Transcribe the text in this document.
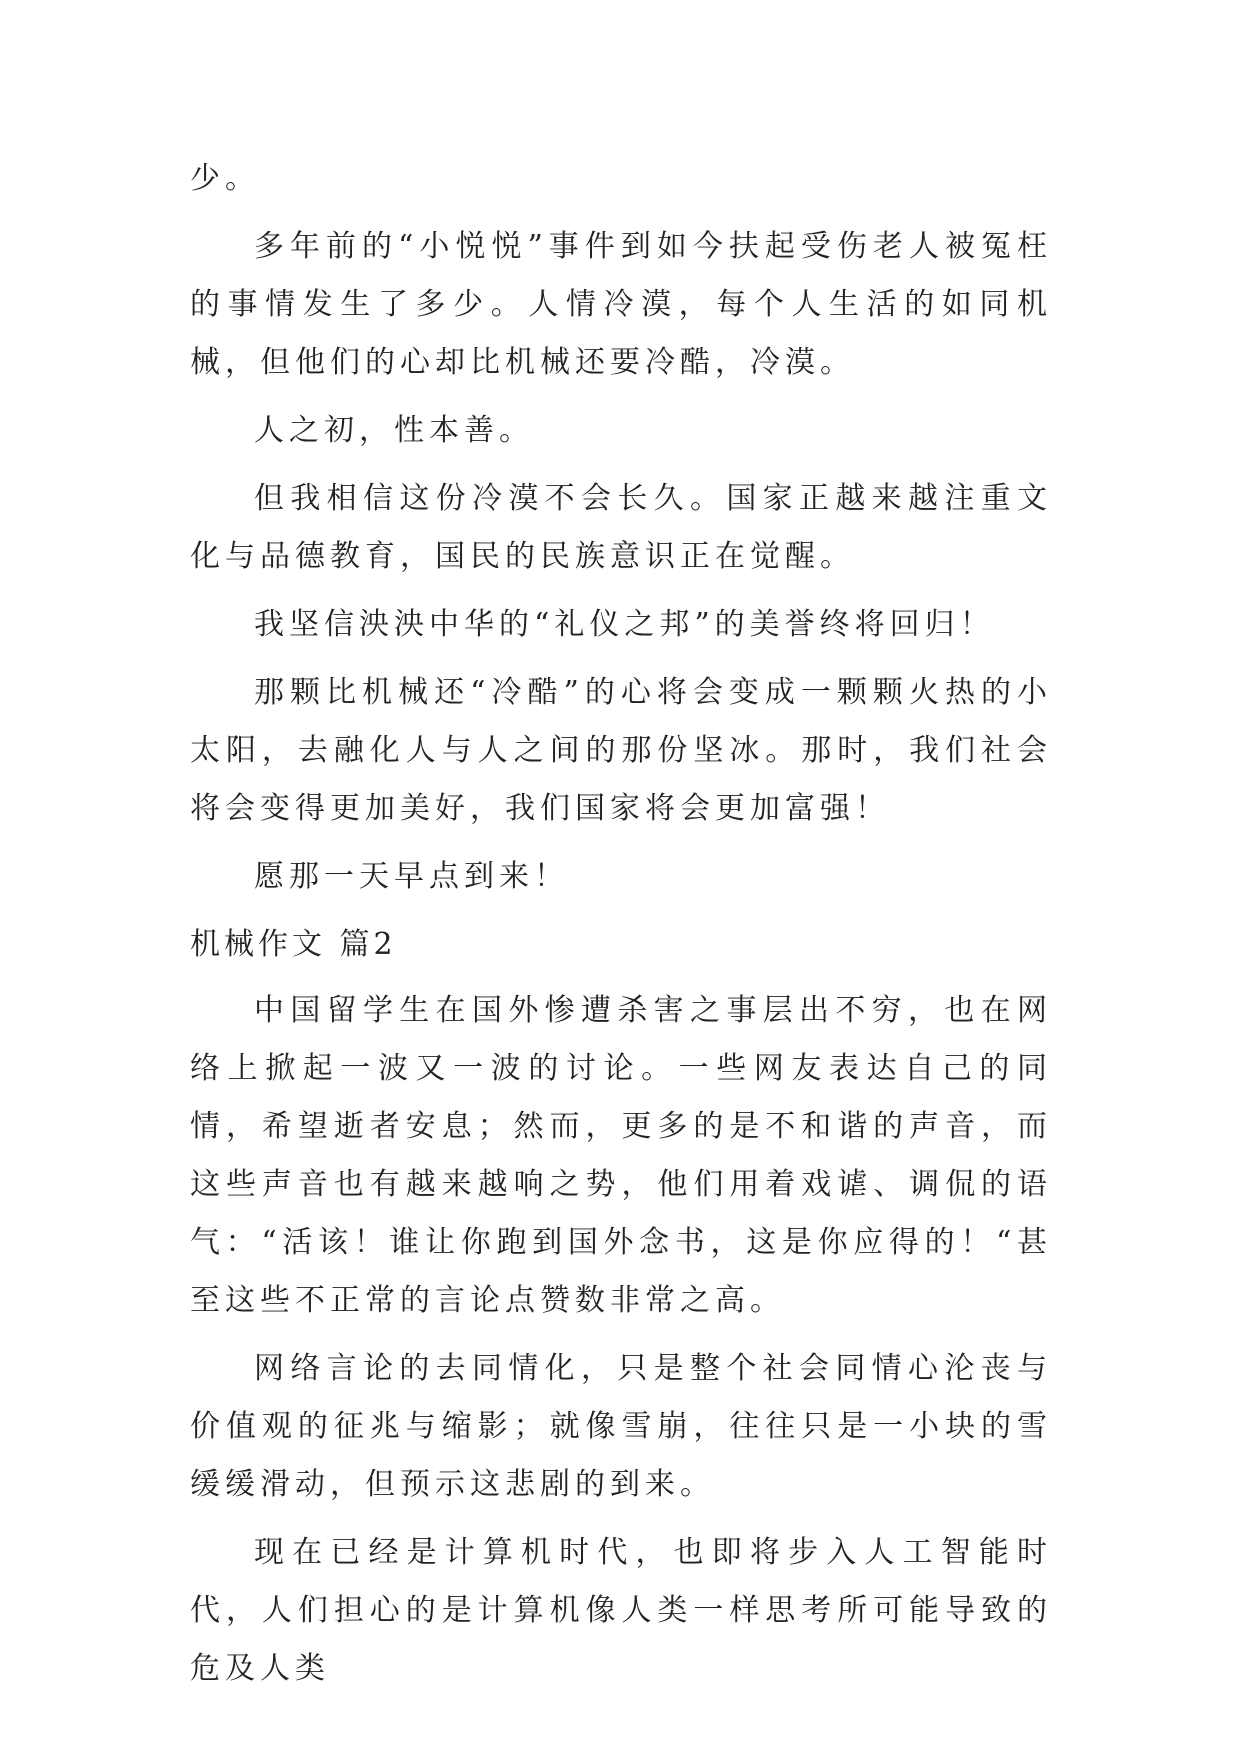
少。

多年前的“小悦悦”事件到如今扶起受伤老人被冤枉的事情发生了多少。人情冷漠，每个人生活的如同机械，但他们的心却比机械还要冷酷，冷漠。

人之初，性本善。

但我相信这份冷漠不会长久。国家正越来越注重文化与品德教育，国民的民族意识正在觉醒。

我坚信泱泱中华的“礼仪之邦”的美誉终将回归！

那颗比机械还“冷酷”的心将会变成一颗颗火热的小太阳，去融化人与人之间的那份坚冰。那时，我们社会将会变得更加美好，我们国家将会更加富强！

愿那一天早点到来！

机械作文 篇2

中国留学生在国外惨遭杀害之事层出不穷，也在网络上掀起一波又一波的讨论。一些网友表达自己的同情，希望逝者安息；然而，更多的是不和谐的声音，而这些声音也有越来越响之势，他们用着戏谑、调侃的语气：“活该！谁让你跑到国外念书，这是你应得的！“甚至这些不正常的言论点赞数非常之高。

网络言论的去同情化，只是整个社会同情心沦丧与价值观的征兆与缩影；就像雪崩，往往只是一小块的雪缓缓滑动，但预示这悲剧的到来。

现在已经是计算机时代，也即将步入人工智能时代，人们担心的是计算机像人类一样思考所可能导致的危及人类
